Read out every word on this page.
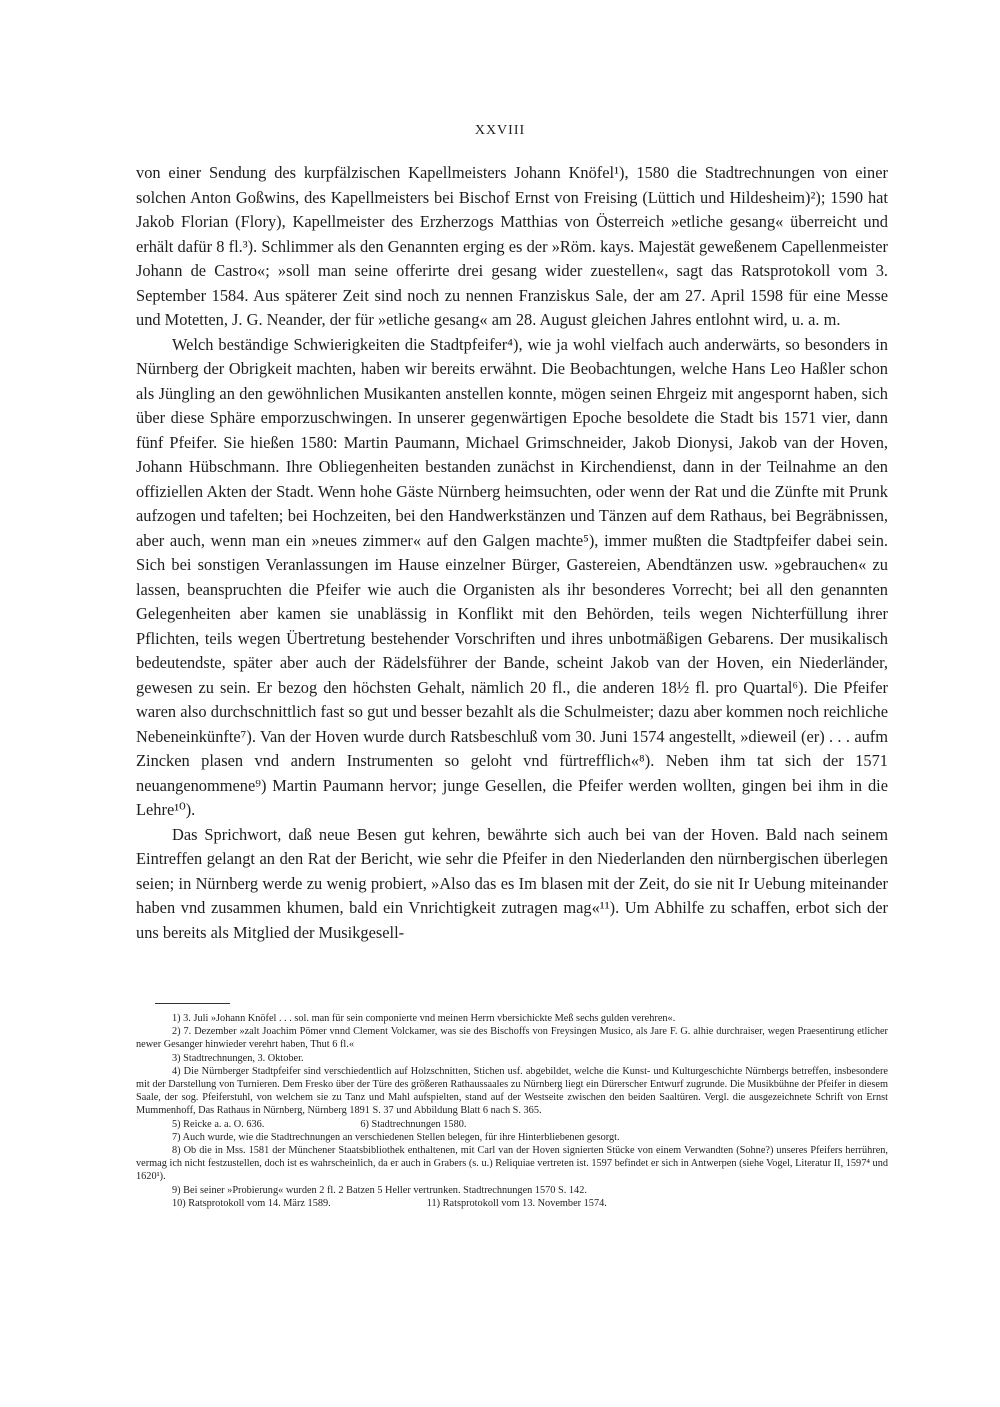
XXVIII

von einer Sendung des kurpfälzischen Kapellmeisters Johann Knöfel¹), 1580 die Stadtrechnungen von einer solchen Anton Goßwins, des Kapellmeisters bei Bischof Ernst von Freising (Lüttich und Hildesheim)²); 1590 hat Jakob Florian (Flory), Kapellmeister des Erzherzogs Matthias von Österreich »etliche gesang« überreicht und erhält dafür 8 fl.³). Schlimmer als den Genannten erging es der »Röm. kays. Majestät geweßenem Capellenmeister Johann de Castro«; »soll man seine offerirte drei gesang wider zuestellen«, sagt das Ratsprotokoll vom 3. September 1584. Aus späterer Zeit sind noch zu nennen Franziskus Sale, der am 27. April 1598 für eine Messe und Motetten, J. G. Neander, der für »etliche gesang« am 28. August gleichen Jahres entlohnt wird, u. a. m.

Welch beständige Schwierigkeiten die Stadtpfeifer⁴), wie ja wohl vielfach auch anderwärts, so besonders in Nürnberg der Obrigkeit machten, haben wir bereits erwähnt. Die Beobachtungen, welche Hans Leo Haßler schon als Jüngling an den gewöhnlichen Musikanten anstellen konnte, mögen seinen Ehrgeiz mit angespornt haben, sich über diese Sphäre emporzuschwingen. In unserer gegenwärtigen Epoche besoldete die Stadt bis 1571 vier, dann fünf Pfeifer. Sie hießen 1580: Martin Paumann, Michael Grimschneider, Jakob Dionysi, Jakob van der Hoven, Johann Hübschmann. Ihre Obliegenheiten bestanden zunächst in Kirchendienst, dann in der Teilnahme an den offiziellen Akten der Stadt. Wenn hohe Gäste Nürnberg heimsuchten, oder wenn der Rat und die Zünfte mit Prunk aufzogen und tafelten; bei Hochzeiten, bei den Handwerkstänzen und Tänzen auf dem Rathaus, bei Begräbnissen, aber auch, wenn man ein »neues zimmer« auf den Galgen machte⁵), immer mußten die Stadtpfeifer dabei sein. Sich bei sonstigen Veranlassungen im Hause einzelner Bürger, Gastereien, Abendtänzen usw. »gebrauchen« zu lassen, beanspruchten die Pfeifer wie auch die Organisten als ihr besonderes Vorrecht; bei all den genannten Gelegenheiten aber kamen sie unablässig in Konflikt mit den Behörden, teils wegen Nichterfüllung ihrer Pflichten, teils wegen Übertretung bestehender Vorschriften und ihres unbotmäßigen Gebarens. Der musikalisch bedeutendste, später aber auch der Rädelsführer der Bande, scheint Jakob van der Hoven, ein Niederländer, gewesen zu sein. Er bezog den höchsten Gehalt, nämlich 20 fl., die anderen 18½ fl. pro Quartal⁶). Die Pfeifer waren also durchschnittlich fast so gut und besser bezahlt als die Schulmeister; dazu aber kommen noch reichliche Nebeneinkünfte⁷). Van der Hoven wurde durch Ratsbeschluß vom 30. Juni 1574 angestellt, »dieweil (er) . . . aufm Zincken plasen vnd andern Instrumenten so geloht vnd fürtrefflich«⁸). Neben ihm tat sich der 1571 neuangenommene⁹) Martin Paumann hervor; junge Gesellen, die Pfeifer werden wollten, gingen bei ihm in die Lehre¹⁰).

Das Sprichwort, daß neue Besen gut kehren, bewährte sich auch bei van der Hoven. Bald nach seinem Eintreffen gelangt an den Rat der Bericht, wie sehr die Pfeifer in den Niederlanden den nürnbergischen überlegen seien; in Nürnberg werde zu wenig probiert, »Also das es Im blasen mit der Zeit, do sie nit Ir Uebung miteinander haben vnd zusammen khumen, bald ein Vnrichtigkeit zutragen mag«¹¹). Um Abhilfe zu schaffen, erbot sich der uns bereits als Mitglied der Musikgesell-

1) 3. Juli »Johann Knöfel . . . sol. man für sein componierte vnd meinen Herrn vbersichickte Meß sechs gulden verehren«.

2) 7. Dezember »zalt Joachim Pömer vnnd Clement Volckamer, was sie des Bischoffs von Freysingen Musico, als Jare F. G. alhie durchraiser, wegen Praesentirung etlicher newer Gesanger hinwieder verehrt haben, Thut 6 fl.«

3) Stadtrechnungen, 3. Oktober.

4) Die Nürnberger Stadtpfeifer sind verschiedentlich auf Holzschnitten, Stichen usf. abgebildet, welche die Kunst- und Kulturgeschichte Nürnbergs betreffen, insbesondere mit der Darstellung von Turnieren. Dem Fresko über der Türe des größeren Rathaussaales zu Nürnberg liegt ein Dürerscher Entwurf zugrunde. Die Musikbühne der Pfeifer in diesem Saale, der sog. Pfeiferstuhl, von welchem sie zu Tanz und Mahl aufspielten, stand auf der Westseite zwischen den beiden Saaltüren. Vergl. die ausgezeichnete Schrift von Ernst Mummenhoff, Das Rathaus in Nürnberg, Nürnberg 1891 S. 37 und Abbildung Blatt 6 nach S. 365.

5) Reicke a. a. O. 636.	6) Stadtrechnungen 1580.

7) Auch wurde, wie die Stadtrechnungen an verschiedenen Stellen belegen, für ihre Hinterbliebenen gesorgt.

8) Ob die in Mss. 1581 der Münchener Staatsbibliothek enthaltenen, mit Carl van der Hoven signierten Stücke von einem Verwandten (Sohne?) unseres Pfeifers herrühren, vermag ich nicht festzustellen, doch ist es wahrscheinlich, da er auch in Grabers (s. u.) Reliquiae vertreten ist. 1597 befindet er sich in Antwerpen (siehe Vogel, Literatur II, 1597⁴ und 1620¹).

9) Bei seiner »Probierung« wurden 2 fl. 2 Batzen 5 Heller vertrunken. Stadtrechnungen 1570 S. 142.

10) Ratsprotokoll vom 14. März 1589.	11) Ratsprotokoll vom 13. November 1574.
